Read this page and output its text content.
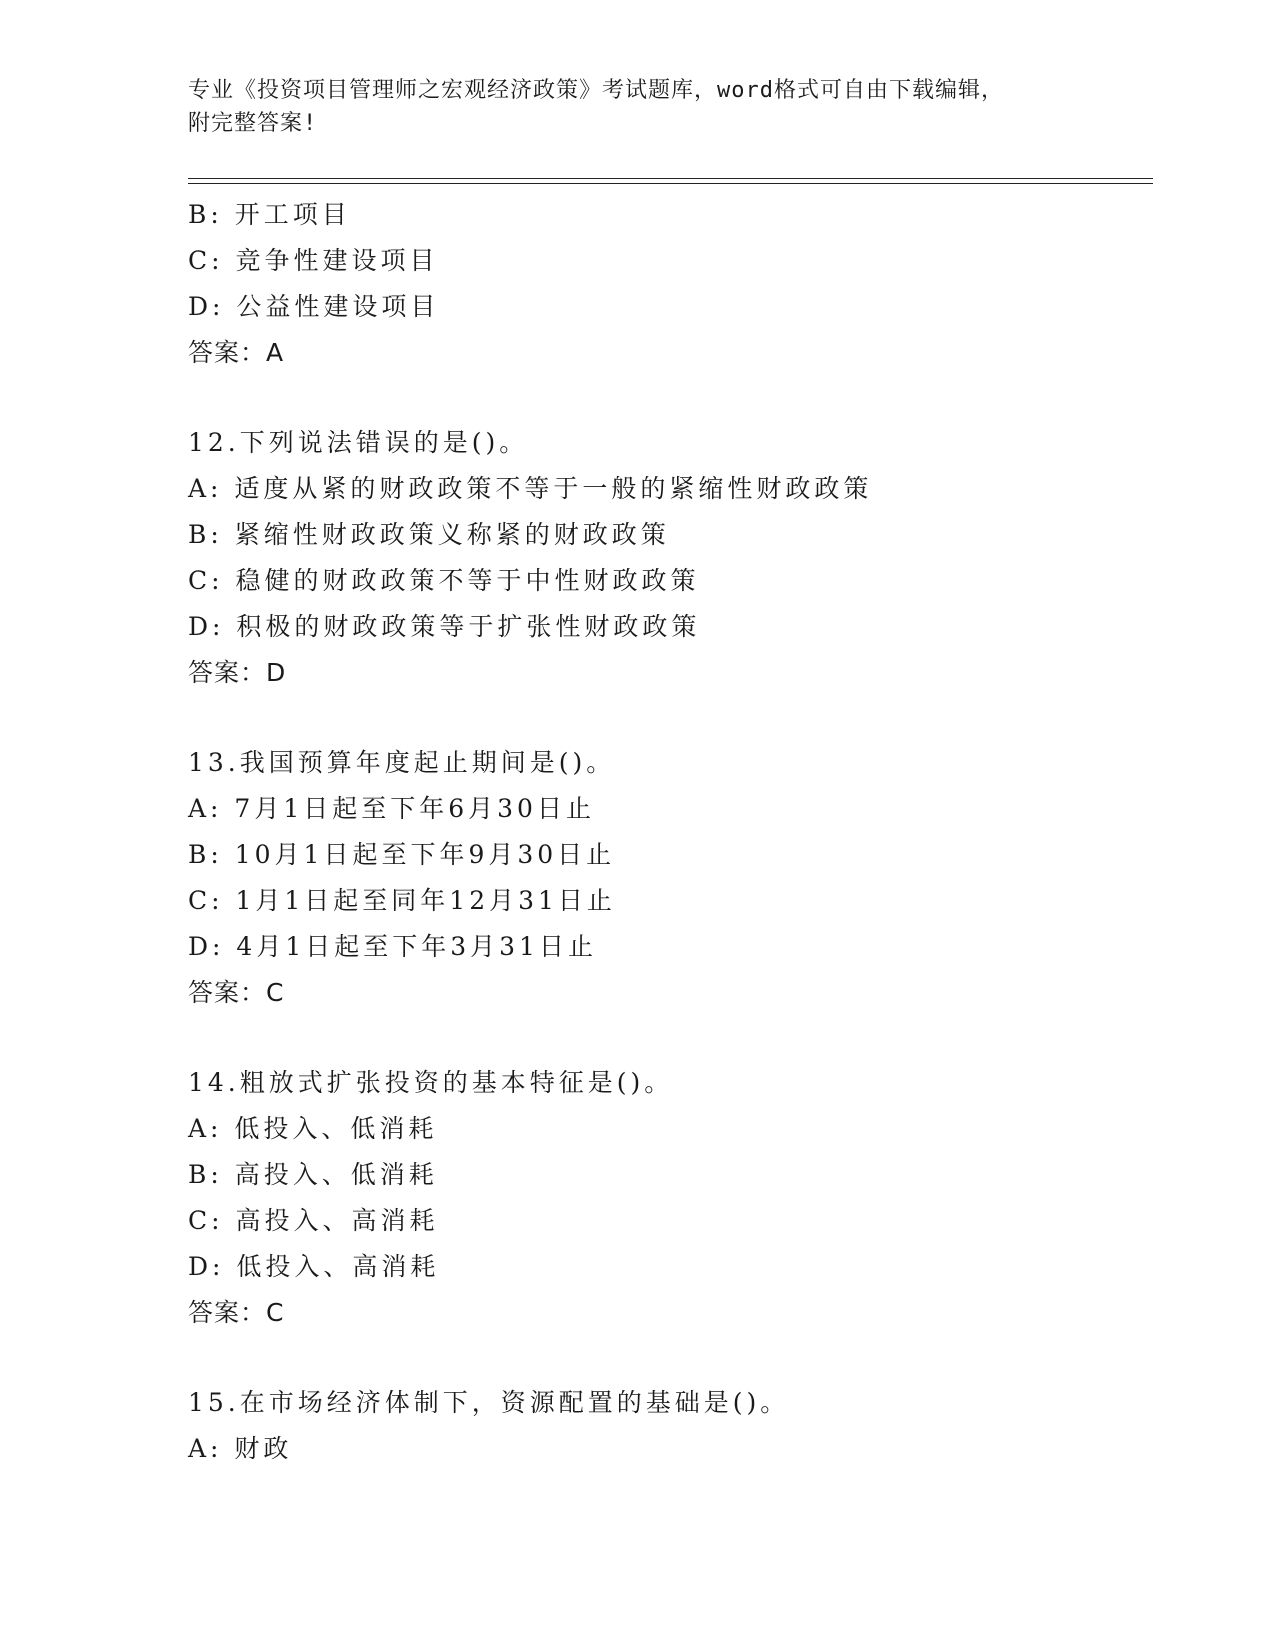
专业《投资项目管理师之宏观经济政策》考试题库，word格式可自由下载编辑，
附完整答案!
B: 开工项目
C: 竞争性建设项目
D: 公益性建设项目
答案：A
12.下列说法错误的是()。
A: 适度从紧的财政政策不等于一般的紧缩性财政政策
B: 紧缩性财政政策义称紧的财政政策
C: 稳健的财政政策不等于中性财政政策
D: 积极的财政政策等于扩张性财政政策
答案：D
13.我国预算年度起止期间是()。
A: 7月1日起至下年6月30日止
B: 10月1日起至下年9月30日止
C: 1月1日起至同年12月31日止
D: 4月1日起至下年3月31日止
答案：C
14.粗放式扩张投资的基本特征是()。
A: 低投入、低消耗
B: 高投入、低消耗
C: 高投入、高消耗
D: 低投入、高消耗
答案：C
15.在市场经济体制下，资源配置的基础是()。
A: 财政
